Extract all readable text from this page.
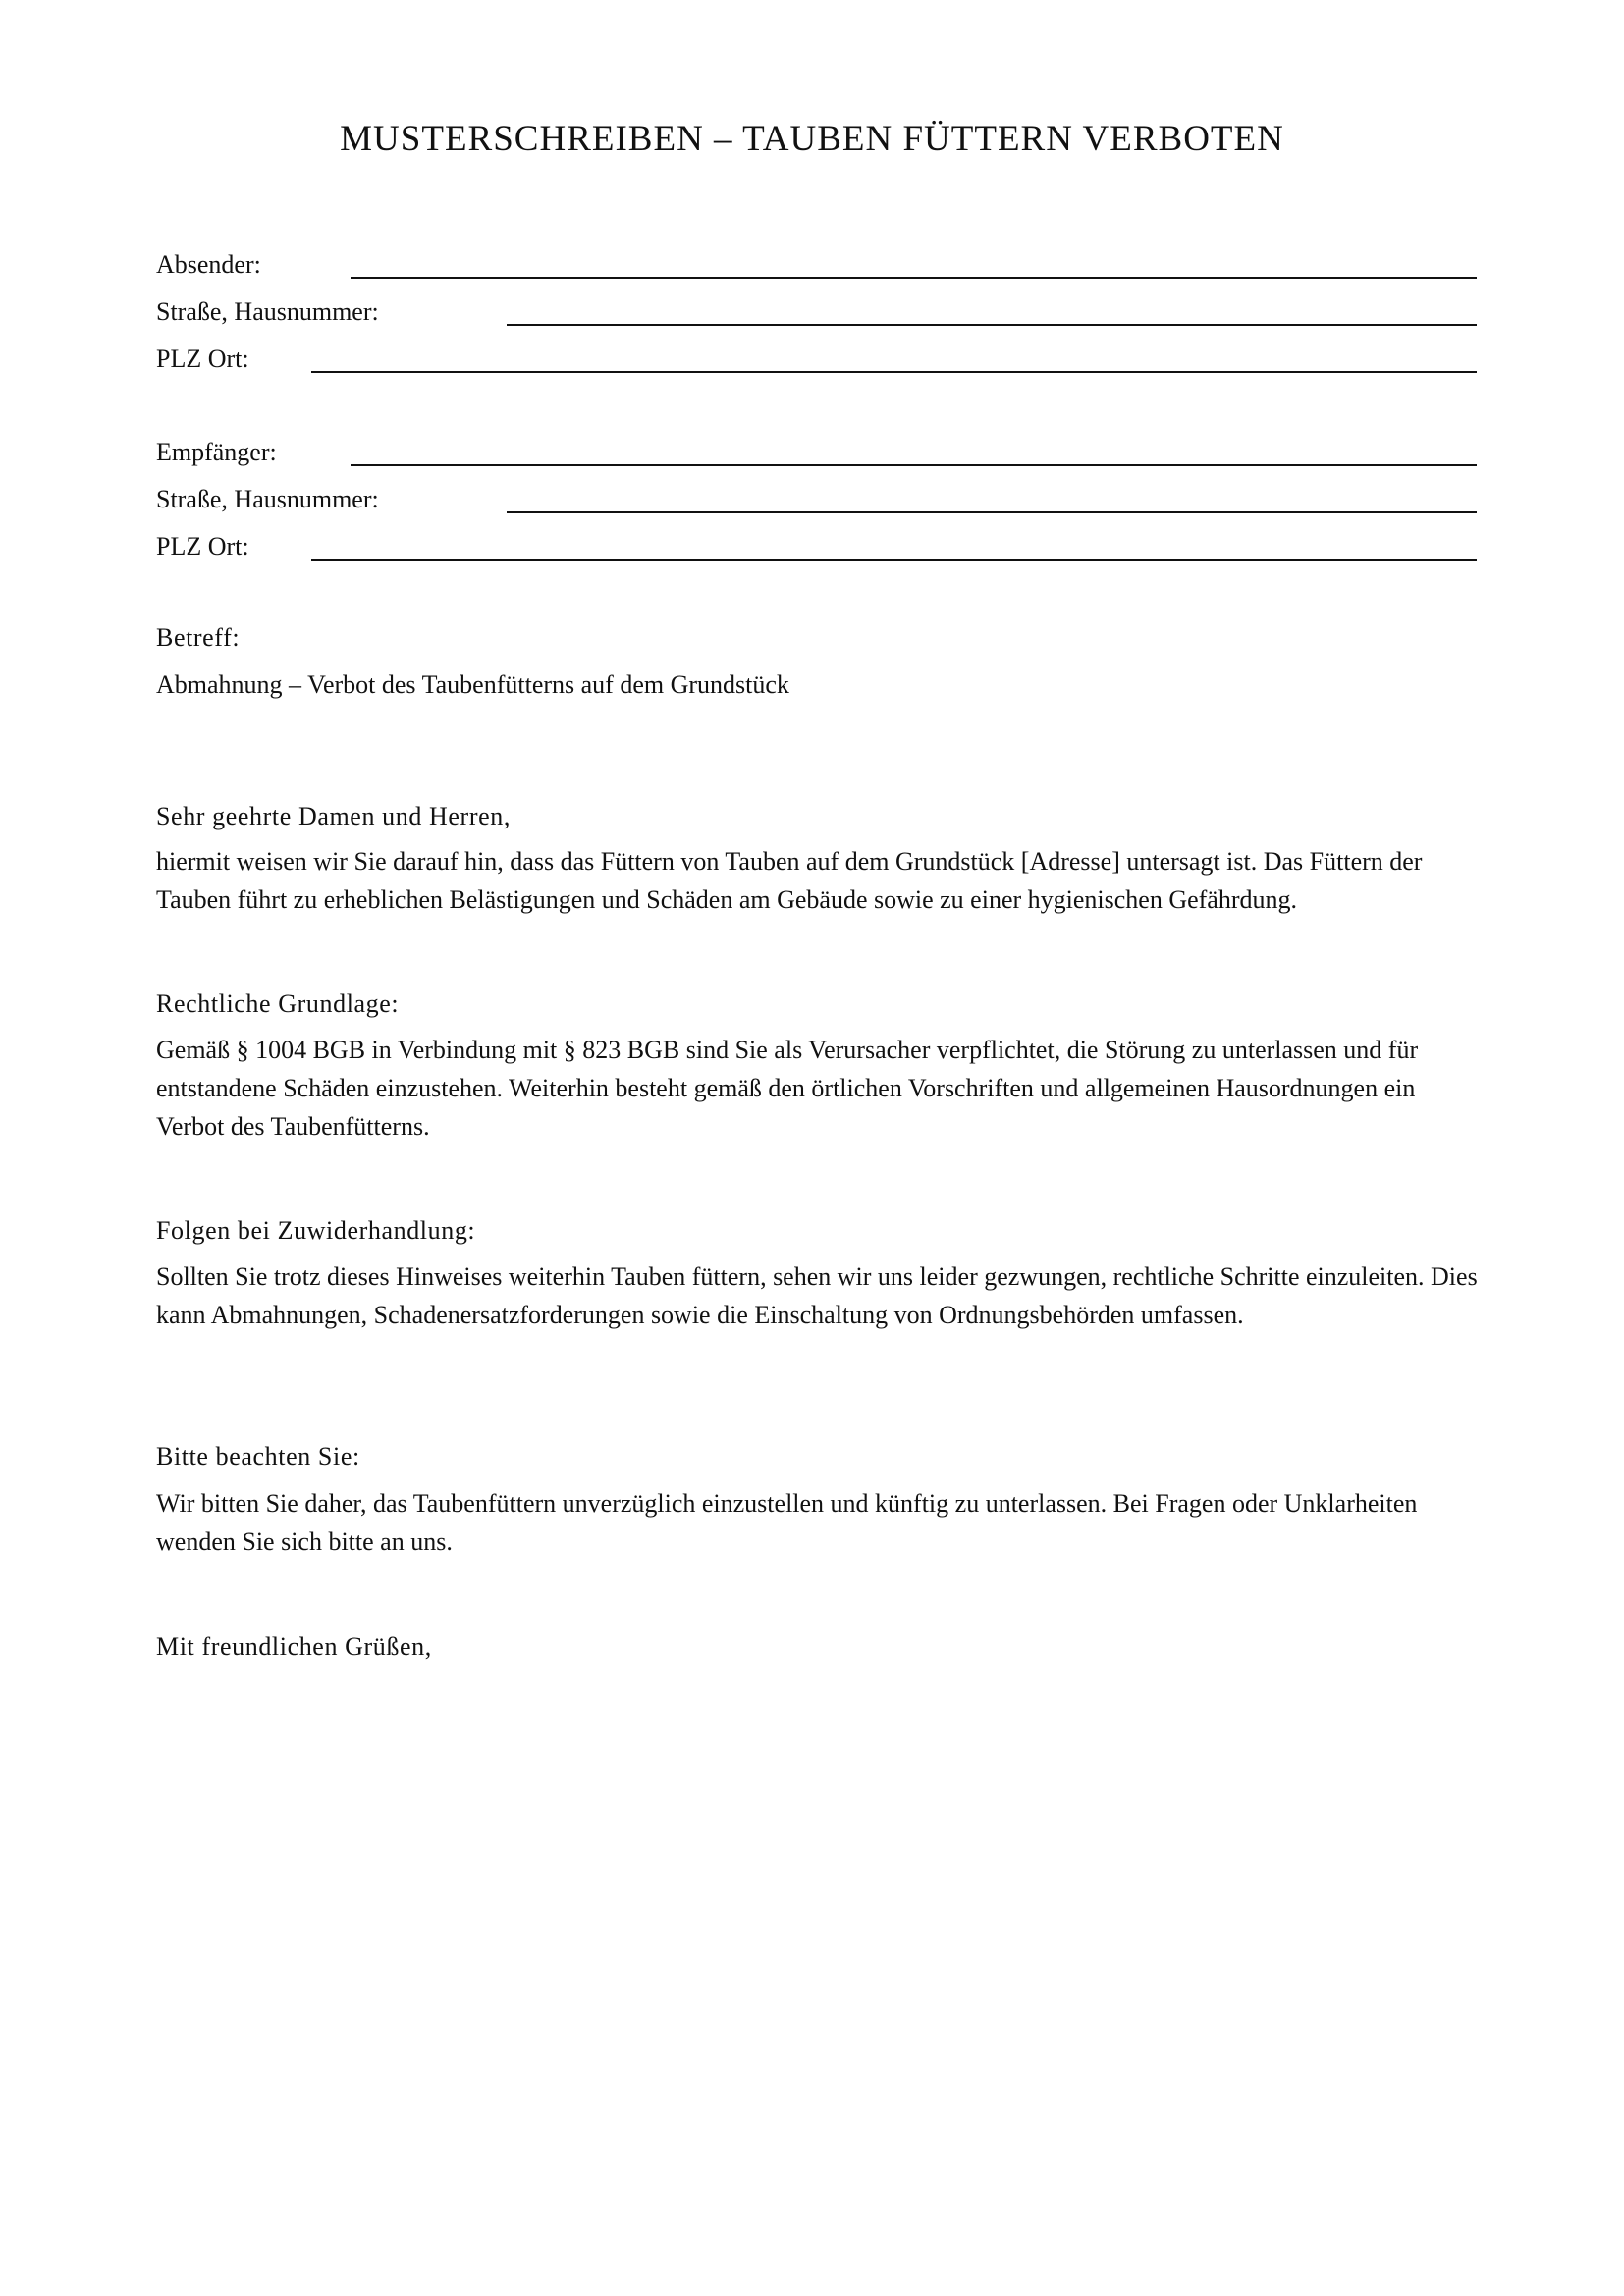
MUSTERSCHREIBEN – TAUBEN FÜTTERN VERBOTEN
Absender:
Straße, Hausnummer:
PLZ Ort:
Empfänger:
Straße, Hausnummer:
PLZ Ort:
Betreff:
Abmahnung – Verbot des Taubenfütterns auf dem Grundstück
Sehr geehrte Damen und Herren,
hiermit weisen wir Sie darauf hin, dass das Füttern von Tauben auf dem Grundstück [Adresse] untersagt ist. Das Füttern der Tauben führt zu erheblichen Belästigungen und Schäden am Gebäude sowie zu einer hygienischen Gefährdung.
Rechtliche Grundlage:
Gemäß § 1004 BGB in Verbindung mit § 823 BGB sind Sie als Verursacher verpflichtet, die Störung zu unterlassen und für entstandene Schäden einzustehen. Weiterhin besteht gemäß den örtlichen Vorschriften und allgemeinen Hausordnungen ein Verbot des Taubenfütterns.
Folgen bei Zuwiderhandlung:
Sollten Sie trotz dieses Hinweises weiterhin Tauben füttern, sehen wir uns leider gezwungen, rechtliche Schritte einzuleiten. Dies kann Abmahnungen, Schadenersatzforderungen sowie die Einschaltung von Ordnungsbehörden umfassen.
Bitte beachten Sie:
Wir bitten Sie daher, das Taubenfüttern unverzüglich einzustellen und künftig zu unterlassen. Bei Fragen oder Unklarheiten wenden Sie sich bitte an uns.
Mit freundlichen Grüßen,
